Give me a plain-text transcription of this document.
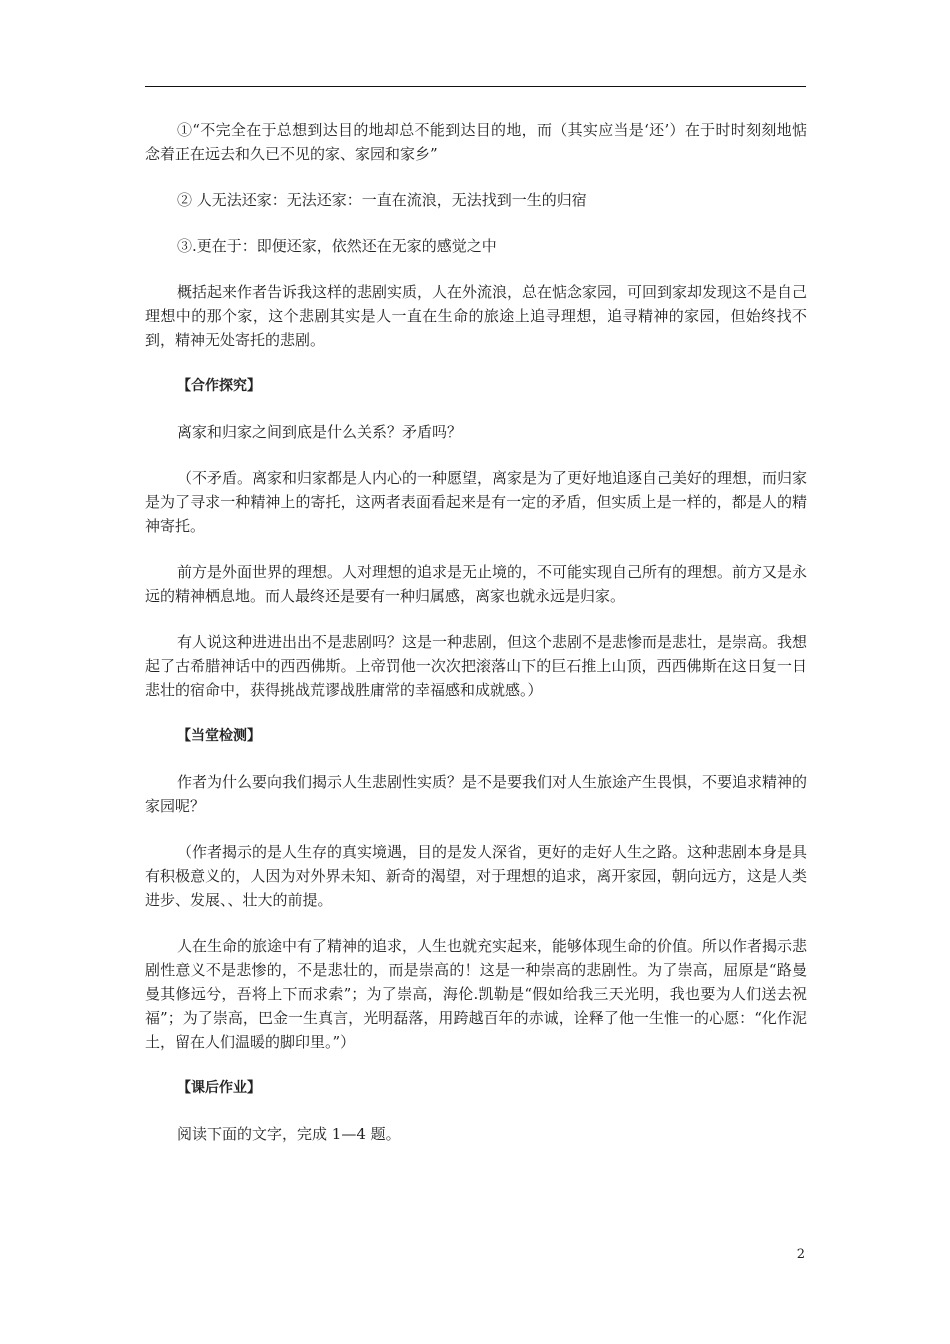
①“不完全在于总想到达目的地却总不能到达目的地，而（其实应当是‘还’）在于时时刻刻地惦念着正在远去和久已不见的家、家园和家乡”

② 人无法还家：无法还家：一直在流浪，无法找到一生的归宿

③.更在于：即便还家，依然还在无家的感觉之中

概括起来作者告诉我这样的悲剧实质，人在外流浪，总在惦念家园，可回到家却发现这不是自己理想中的那个家，这个悲剧其实是人一直在生命的旅途上追寻理想，追寻精神的家园，但始终找不到，精神无处寄托的悲剧。

【合作探究】

离家和归家之间到底是什么关系？矛盾吗？

（不矛盾。离家和归家都是人内心的一种愿望，离家是为了更好地追逐自己美好的理想，而归家是为了寻求一种精神上的寄托，这两者表面看起来是有一定的矛盾，但实质上是一样的，都是人的精神寄托。

前方是外面世界的理想。人对理想的追求是无止境的，不可能实现自己所有的理想。前方又是永远的精神栖息地。而人最终还是要有一种归属感，离家也就永远是归家。

有人说这种进进出出不是悲剧吗？这是一种悲剧，但这个悲剧不是悲惨而是悲壮，是崇高。我想起了古希腊神话中的西西佛斯。上帝罚他一次次把滚落山下的巨石推上山顶，西西佛斯在这日复一日悲壮的宿命中，获得挑战荒谬战胜庸常的幸福感和成就感。）

【当堂检测】

作者为什么要向我们揭示人生悲剧性实质？是不是要我们对人生旅途产生畏惧，不要追求精神的家园呢？

（作者揭示的是人生存的真实境遇，目的是发人深省，更好的走好人生之路。这种悲剧本身是具有积极意义的，人因为对外界未知、新奇的渴望，对于理想的追求，离开家园，朝向远方，这是人类进步、发展、、壮大的前提。

人在生命的旅途中有了精神的追求，人生也就充实起来，能够体现生命的价值。所以作者揭示悲剧性意义不是悲惨的，不是悲壮的，而是崇高的！这是一种崇高的悲剧性。为了崇高，屈原是“路曼曼其修远兮，吾将上下而求索”；为了崇高，海伦.凯勒是“假如给我三天光明，我也要为人们送去祝福”；为了崇高，巴金一生真言，光明磊落，用跨越百年的赤诚，诠释了他一生惟一的心愿：“化作泥土，留在人们温暖的脚印里。”）

【课后作业】

阅读下面的文字，完成 1—4 题。

2
